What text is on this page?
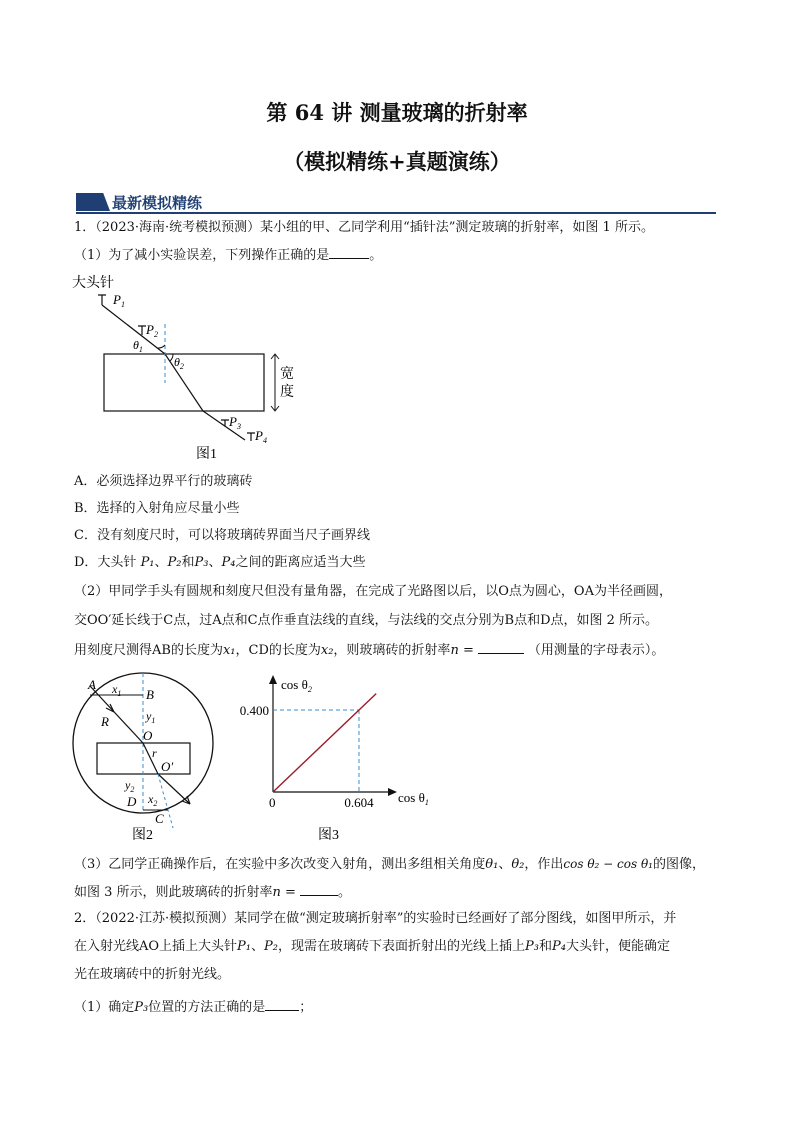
第 64 讲 测量玻璃的折射率
（模拟精练+真题演练）
最新模拟精练
1．（2023·海南·统考模拟预测）某小组的甲、乙同学利用“插针法”测定玻璃的折射率，如图 1 所示。
（1）为了减小实验误差，下列操作正确的是	。
大头针
$P_1$
$P_2$
$P_3$
$P_4$
$\theta_1$
$\theta_2$
宽
度
图1
A．必须选择边界平行的玻璃砖
B．选择的入射角应尽量小些
C．没有刻度尺时，可以将玻璃砖界面当尺子画界线
D．大头针 P₁、P₂和P₃、P₄之间的距离应适当大些
（2）甲同学手头有圆规和刻度尺但没有量角器，在完成了光路图以后，以O点为圆心，OA为半径画圆，
交OO′延长线于C点，过A点和C点作垂直法线的直线，与法线的交点分别为B点和D点，如图 2 所示。
用刻度尺测得AB的长度为x₁，CD的长度为x₂，则玻璃砖的折射率n =	（用测量的字母表示）。
A
B
$x_1$
$y_1$
R
O
r
O′
$y_2$
D $x_2$
C
图2
$\cos \theta_2$
$\cos \theta_1$
0
0.400
0.604
图3
（3）乙同学正确操作后，在实验中多次改变入射角，测出多组相关角度θ₁、θ₂，作出cos θ₂ − cos θ₁的图像，
如图 3 所示，则此玻璃砖的折射率n =	。
2．（2022·江苏·模拟预测）某同学在做“测定玻璃折射率”的实验时已经画好了部分图线，如图甲所示，并
在入射光线AO上插上大头针P₁、P₂，现需在玻璃砖下表面折射出的光线上插上P₃和P₄大头针，便能确定
光在玻璃砖中的折射光线。
（1）确定P₃位置的方法正确的是	；
